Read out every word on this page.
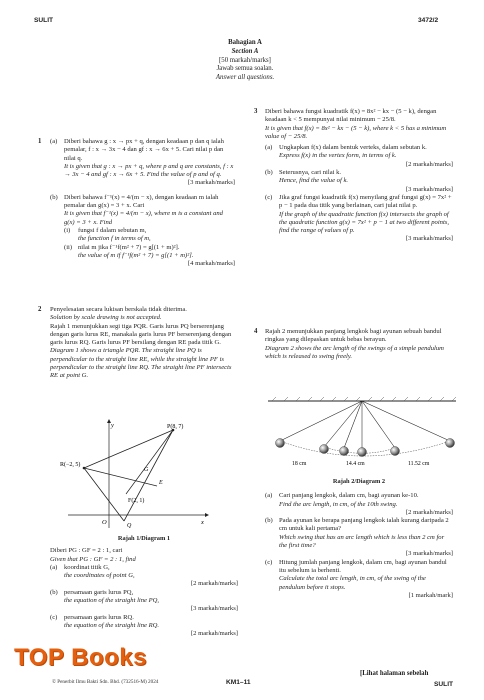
SULIT	3472/2
Bahagian A
Section A
[50 markah/marks]
Jawab semua soalan.
Answer all questions.
1 (a) Diberi bahawa g : x → px + q, dengan keadaan p dan q ialah pemalar, f : x → 3x − 4 dan gf : x → 6x + 5. Cari nilai p dan nilai q.

It is given that g : x → px + q, where p and q are constants, f : x → 3x − 4 and gf : x → 6x + 5. Find the value of p and of q.

[3 markah/marks]

(b) Diberi bahawa f⁻¹(x) = 4/(m − x), dengan keadaan m ialah pemalar dan g(x) = 3 + x. Cari

It is given that f⁻¹(x) = 4/(m − x), where m is a constant and g(x) = 3 + x. Find

(i) fungsi f dalam sebutan m,

the function f in terms of m,

(ii) nilai m jika f⁻¹f(m² + 7) = g[(1 + m)²].

the value of m if f⁻¹f(m² + 7) = g[(1 + m)²].

[4 markah/marks]

2 Penyelesaian secara lukisan berskala tidak diterima.

Solution by scale drawing is not accepted.

Rajah 1 menunjukkan segi tiga PQR. Garis lurus PQ berserenjang dengan garis lurus RE, manakala garis lurus PF berserenjang dengan garis lurus RQ. Garis lurus PF bersilang dengan RE pada titik G.

Diagram 1 shows a triangle PQR. The straight line PQ is perpendicular to the straight line RE, while the straight line PF is perpendicular to the straight line RQ. The straight line PF intersects RE at point G.

y
x
O
P(8, 7)
R(−2, 5)
G
E
F(2, 1)
Q

Rajah 1/Diagram 1

Diberi PG : GF = 2 : 1, cari

Given that PG : GF = 2 : 1, find

(a) koordinat titik G,

the coordinates of point G,

[2 markah/marks]

(b) persamaan garis lurus PQ,

the equation of the straight line PQ,

[3 markah/marks]

(c) persamaan garis lurus RQ.

the equation of the straight line RQ.

[2 markah/marks]

3 Diberi bahawa fungsi kuadratik f(x) = 8x² − kx − (5 − k), dengan keadaan k < 5 mempunyai nilai minimum − 25/8.

It is given that f(x) = 8x² − kx − (5 − k), where k < 5 has a minimum value of − 25/8.

(a) Ungkapkan f(x) dalam bentuk verteks, dalam sebutan k.

Express f(x) in the vertex form, in terms of k.

[2 markah/marks]

(b) Seterusnya, cari nilai k.

Hence, find the value of k.

[3 markah/marks]

(c) Jika graf fungsi kuadratik f(x) menyilang graf fungsi g(x) = 7x² + p − 1 pada dua titik yang berlainan, cari julat nilai p.

If the graph of the quadratic function f(x) intersects the graph of the quadratic function g(x) = 7x² + p − 1 at two different points, find the range of values of p.

[3 markah/marks]

4 Rajah 2 menunjukkan panjang lengkok bagi ayunan sebuah bandul ringkas yang dilepaskan untuk bebas berayun.

Diagram 2 shows the arc length of the swings of a simple pendulum which is released to swing freely.

18 cm	14.4 cm	11.52 cm

Rajah 2/Diagram 2

(a) Cari panjang lengkok, dalam cm, bagi ayunan ke-10.

Find the arc length, in cm, of the 10th swing.

[2 markah/marks]

(b) Pada ayunan ke berapa panjang lengkok ialah kurang daripada 2 cm untuk kali pertama?

Which swing that has an arc length which is less than 2 cm for the first time?

[3 markah/marks]

(c) Hitung jumlah panjang lengkok, dalam cm, bagi ayunan bandul itu sebelum ia berhenti.

Calculate the total arc length, in cm, of the swing of the pendulum before it stops.

[1 markah/mark]

TOP Books
© Penerbit Ilmu Bakti Sdn. Bhd. (732516-M) 2024	KM1–11
[Lihat halaman sebelah
SULIT
